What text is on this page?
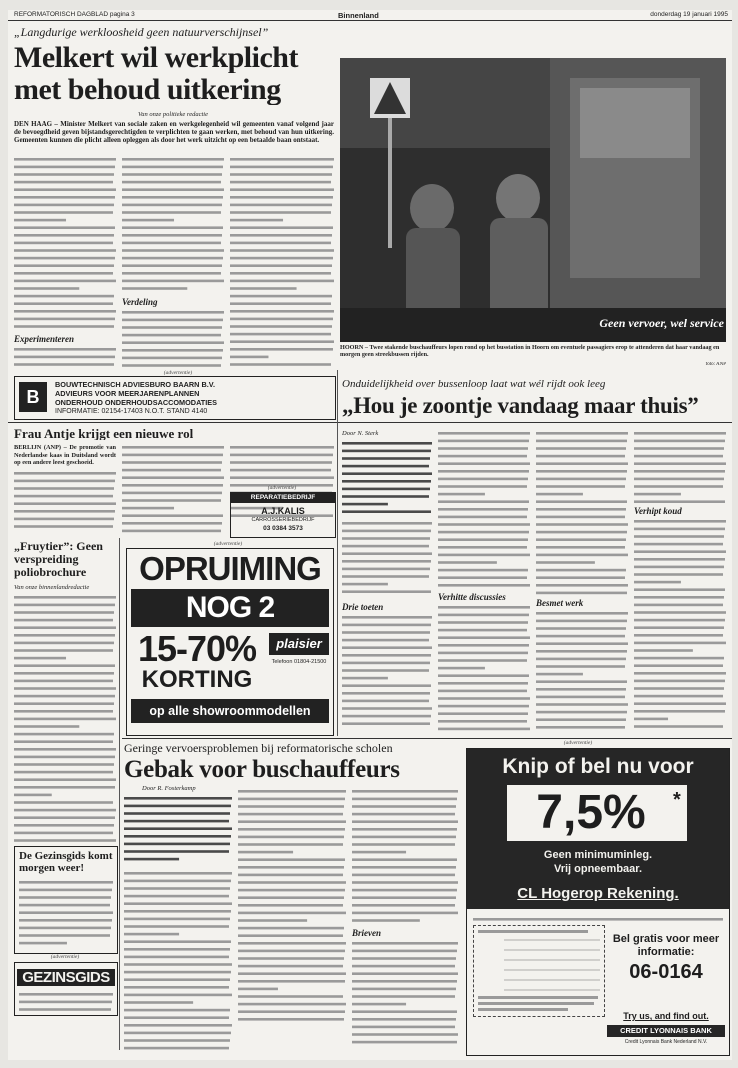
REFORMATORISCH DAGBLAD pagina 3	Binnenland	donderdag 19 januari 1995
„Langdurige werkloosheid geen natuurverschijnsel”
Melkert wil werkplicht
met behoud uitkering
Van onze politieke redactie
DEN HAAG – Minister Melkert van sociale zaken en werkgelegenheid wil gemeenten vanaf volgend jaar de bevoegdheid geven bijstandsgerechtigden te verplichten te gaan werken, met behoud van hun uitkering. Gemeenten kunnen die plicht alleen opleggen als door het werk uitzicht op een betaalde baan ontstaat.
Experimenteren
Verdeling
Geen vervoer, wel service
HOORN – Twee stakende buschauffeurs lopen rond op het busstation in Hoorn om eventuele passagiers erop te attenderen dat haar vandaag en morgen geen streekbussen rijden.
foto: ANP
(advertentie)
B
BOUWTECHNISCH ADVIESBURO BAARN B.V.
ADVIEURS VOOR MEERJARENPLANNEN
ONDERHOUD ONDERHOUDSACCOMODATIES
INFORMATIE: 02154-17403 N.O.T. STAND 4140
Frau Antje krijgt een nieuwe rol
BERLIJN (ANP) – De promotie van Nederlandse kaas in Duitsland wordt op een andere leest geschoeid.
(advertentie)
REPARATIEBEDRIJF
A.J.KALIS
CARROSSERIEBEDRIJF
03 0384 3573
Onduidelijkheid over bussenloop laat wat wél rijdt ook leeg
„Hou je zoontje vandaag maar thuis”
Door N. Sterk
Drie toeten
Verhitte discussies
Besmet werk
Verhipt koud
„Fruytier”: Geen verspreiding poliobrochure
Van onze binnenlandredactie
(advertentie)
OPRUIMING
NOG 2
15-70%
KORTING
op alle showroommodellen
plaisier
Telefoon 01804-21500
Geringe vervoersproblemen bij reformatorische scholen
Gebak voor buschauffeurs
Door R. Fosterkamp
Brieven
De Gezinsgids komt morgen weer!
(advertentie)
GEZINSGIDS
(advertentie)
Knip of bel nu voor
7,5%	*
Geen minimuminleg.
Vrij opneembaar.
CL Hogerop Rekening.
Bel gratis voor meer informatie:
06-0164
Try us, and find out.
CREDIT LYONNAIS BANK
Credit Lyonnais Bank Nederland N.V.
